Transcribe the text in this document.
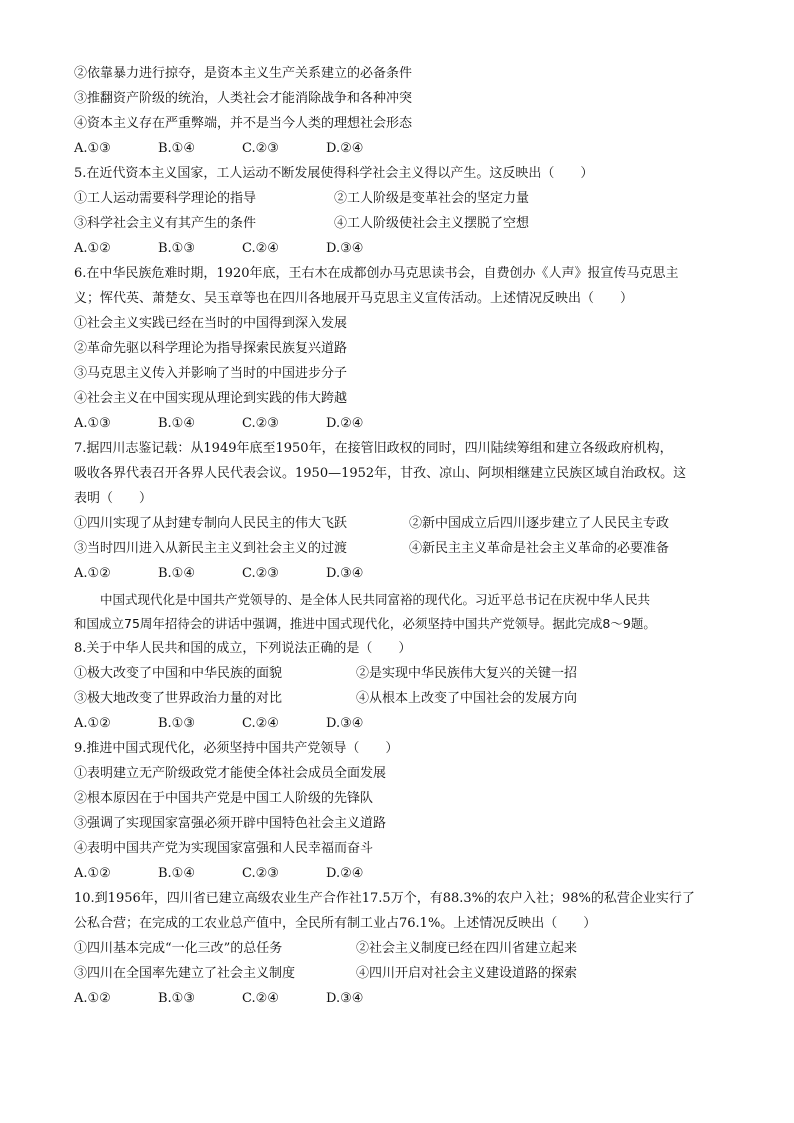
②依靠暴力进行掠夺，是资本主义生产关系建立的必备条件
③推翻资产阶级的统治，人类社会才能消除战争和各种冲突
④资本主义存在严重弊端，并不是当今人类的理想社会形态
A.①③	B.①④	C.②③	D.②④
5.在近代资本主义国家，工人运动不断发展使得科学社会主义得以产生。这反映出（　　）
①工人运动需要科学理论的指导	②工人阶级是变革社会的坚定力量
③科学社会主义有其产生的条件	④工人阶级使社会主义摆脱了空想
A.①②	B.①③	C.②④	D.③④
6.在中华民族危难时期，1920年底，王右木在成都创办马克思读书会，自费创办《人声》报宣传马克思主
义；恽代英、萧楚女、吴玉章等也在四川各地展开马克思主义宣传活动。上述情况反映出（　　）
①社会主义实践已经在当时的中国得到深入发展
②革命先驱以科学理论为指导探索民族复兴道路
③马克思主义传入并影响了当时的中国进步分子
④社会主义在中国实现从理论到实践的伟大跨越
A.①③	B.①④	C.②③	D.②④
7.据四川志鉴记载：从1949年底至1950年，在接管旧政权的同时，四川陆续筹组和建立各级政府机构，
吸收各界代表召开各界人民代表会议。1950—1952年，甘孜、凉山、阿坝相继建立民族区域自治政权。这
表明（　　）
①四川实现了从封建专制向人民民主的伟大飞跃	②新中国成立后四川逐步建立了人民民主专政
③当时四川进入从新民主主义到社会主义的过渡	④新民主主义革命是社会主义革命的必要准备
A.①②	B.①④	C.②③	D.③④
中国式现代化是中国共产党领导的、是全体人民共同富裕的现代化。习近平总书记在庆祝中华人民共
和国成立75周年招待会的讲话中强调，推进中国式现代化，必须坚持中国共产党领导。据此完成8～9题。
8.关于中华人民共和国的成立，下列说法正确的是（　　）
①极大改变了中国和中华民族的面貌	②是实现中华民族伟大复兴的关键一招
③极大地改变了世界政治力量的对比	④从根本上改变了中国社会的发展方向
A.①②	B.①③	C.②④	D.③④
9.推进中国式现代化，必须坚持中国共产党领导（　　）
①表明建立无产阶级政党才能使全体社会成员全面发展
②根本原因在于中国共产党是中国工人阶级的先锋队
③强调了实现国家富强必须开辟中国特色社会主义道路
④表明中国共产党为实现国家富强和人民幸福而奋斗
A.①②	B.①④	C.②③	D.②④
10.到1956年，四川省已建立高级农业生产合作社17.5万个，有88.3%的农户入社；98%的私营企业实行了
公私合营；在完成的工农业总产值中，全民所有制工业占76.1%。上述情况反映出（　　）
①四川基本完成“一化三改”的总任务	②社会主义制度已经在四川省建立起来
③四川在全国率先建立了社会主义制度	④四川开启对社会主义建设道路的探索
A.①②	B.①③	C.②④	D.③④
